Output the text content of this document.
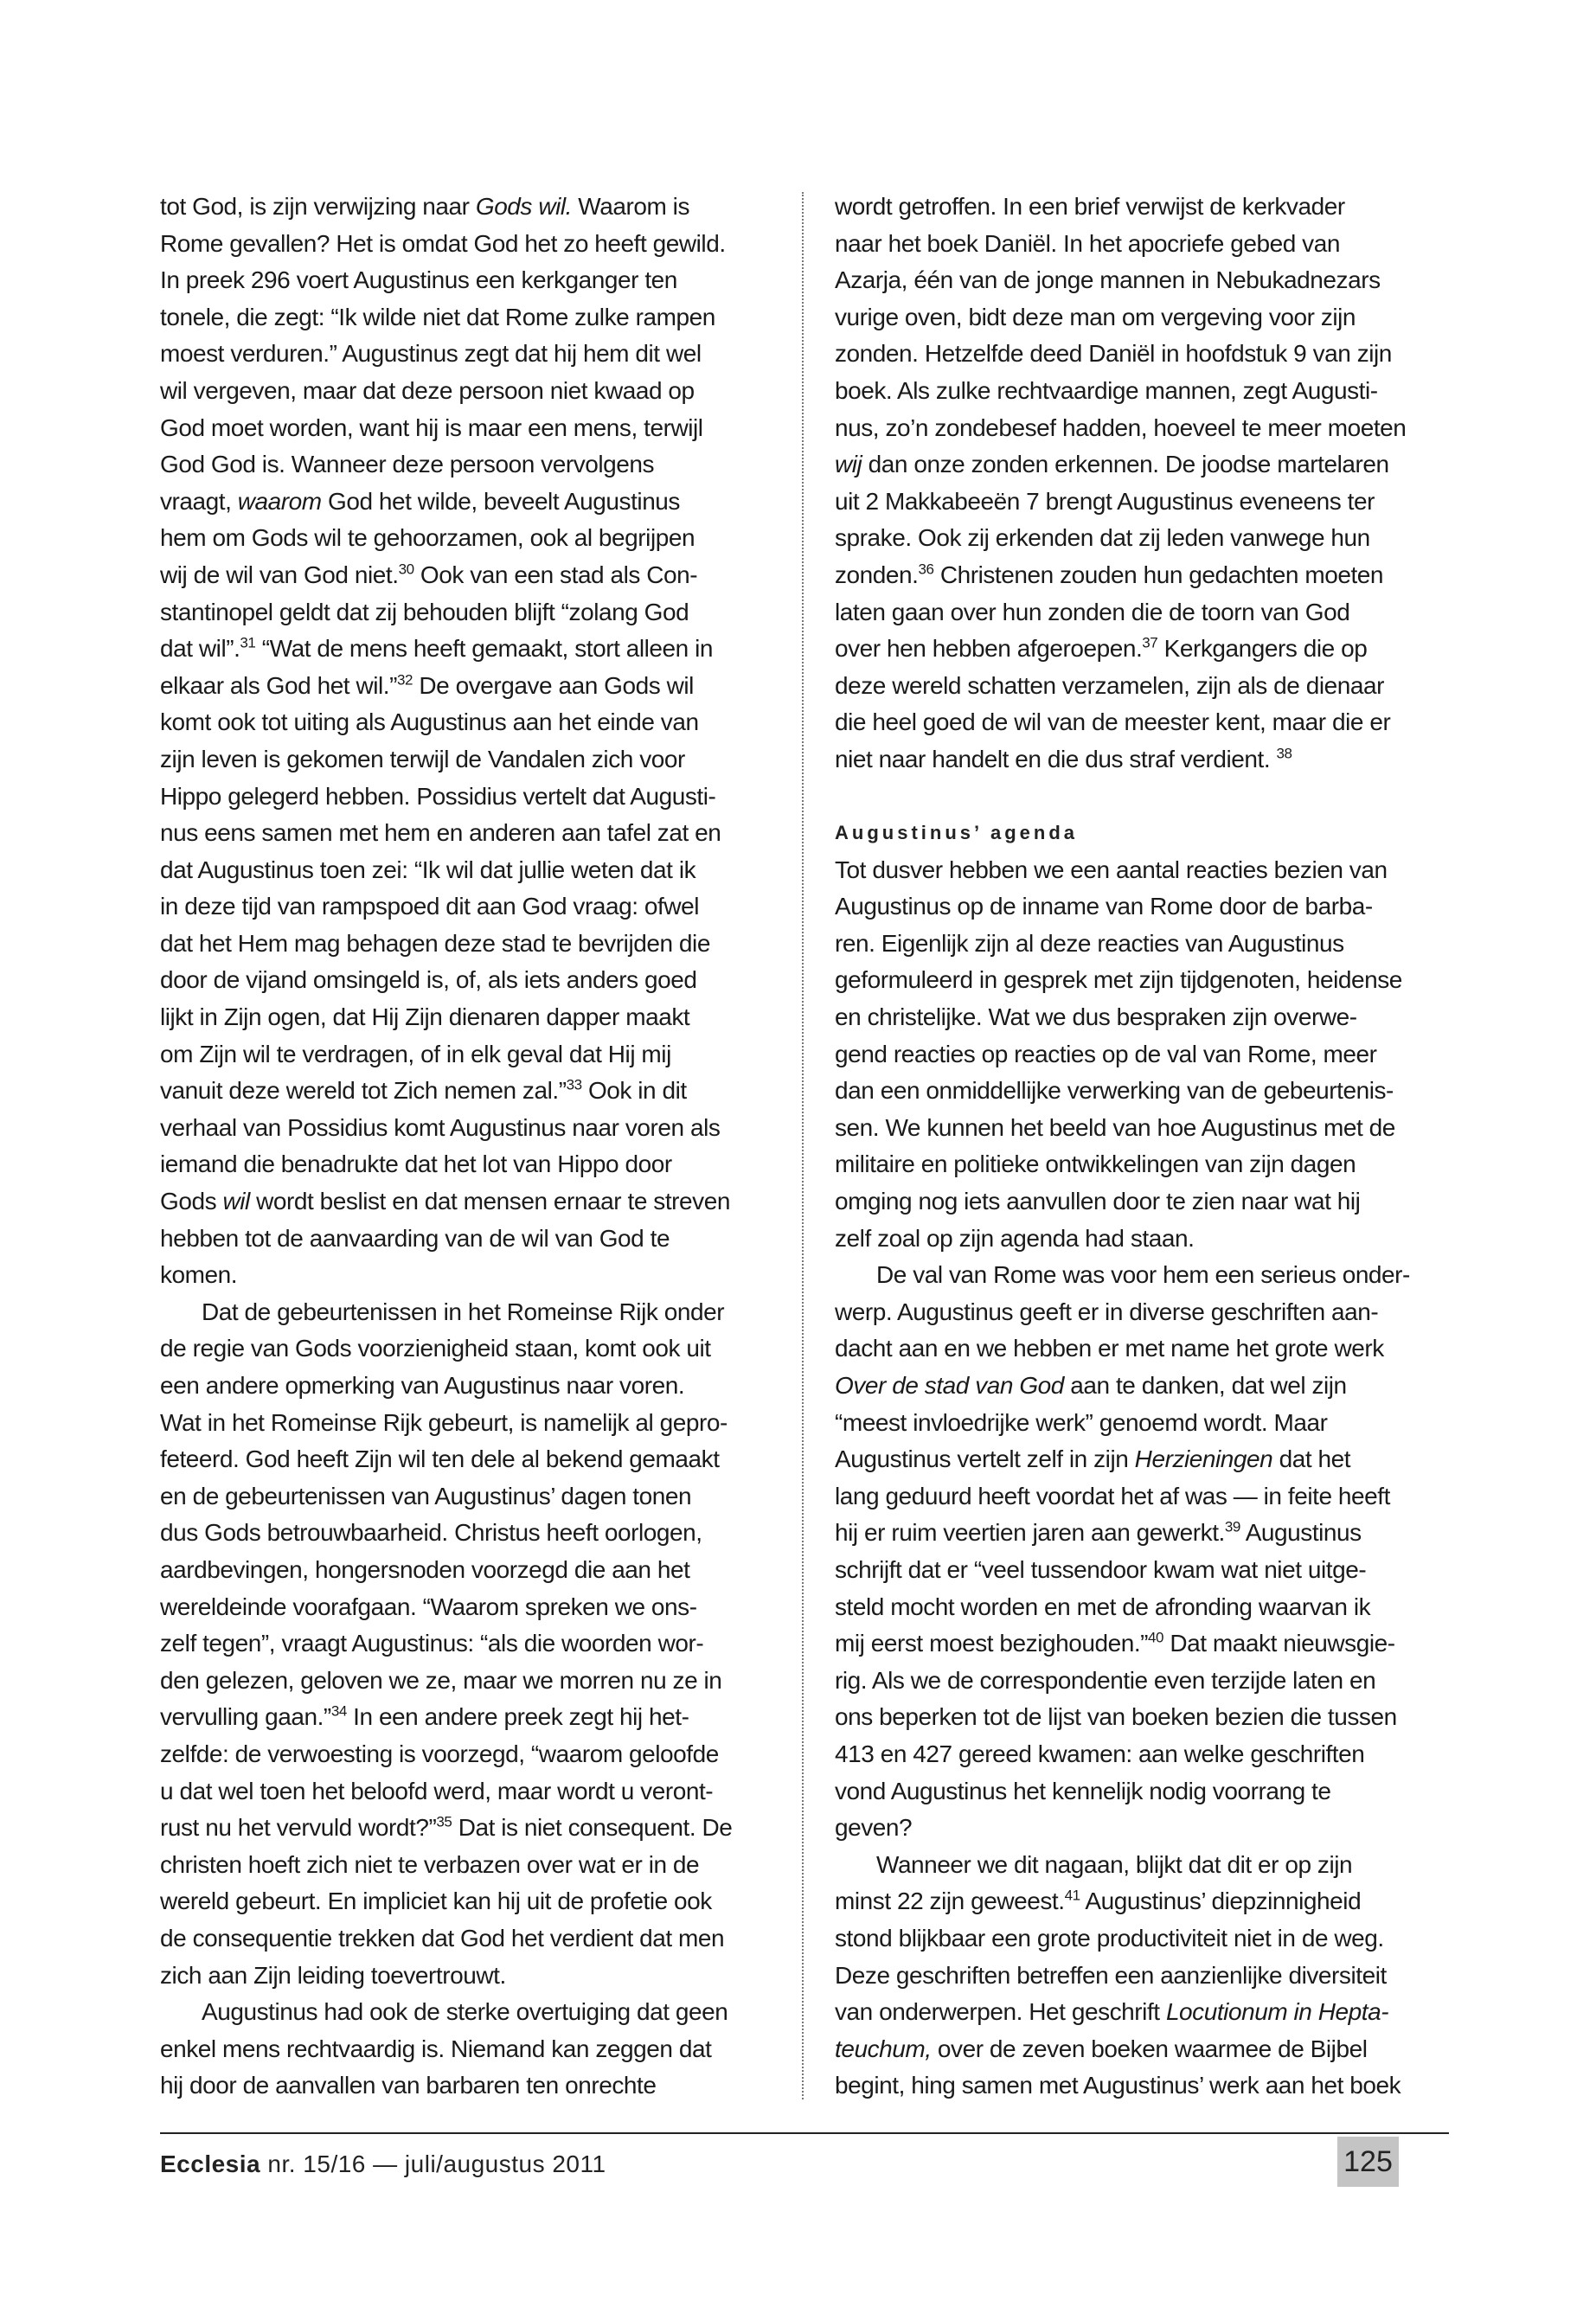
tot God, is zijn verwijzing naar Gods wil. Waarom is
Rome gevallen? Het is omdat God het zo heeft gewild.
In preek 296 voert Augustinus een kerkganger ten
tonele, die zegt: “Ik wilde niet dat Rome zulke rampen
moest verduren.” Augustinus zegt dat hij hem dit wel
wil vergeven, maar dat deze persoon niet kwaad op
God moet worden, want hij is maar een mens, terwijl
God God is. Wanneer deze persoon vervolgens
vraagt, waarom God het wilde, beveelt Augustinus
hem om Gods wil te gehoorzamen, ook al begrijpen
wij de wil van God niet.$^{30}$ Ook van een stad als Con-
stantinopel geldt dat zij behouden blijft “zolang God
dat wil”.$^{31}$ “Wat de mens heeft gemaakt, stort alleen in
elkaar als God het wil.”$^{32}$ De overgave aan Gods wil
komt ook tot uiting als Augustinus aan het einde van
zijn leven is gekomen terwijl de Vandalen zich voor
Hippo gelegerd hebben. Possidius vertelt dat Augusti-
nus eens samen met hem en anderen aan tafel zat en
dat Augustinus toen zei: “Ik wil dat jullie weten dat ik
in deze tijd van rampspoed dit aan God vraag: ofwel
dat het Hem mag behagen deze stad te bevrijden die
door de vijand omsingeld is, of, als iets anders goed
lijkt in Zijn ogen, dat Hij Zijn dienaren dapper maakt
om Zijn wil te verdragen, of in elk geval dat Hij mij
vanuit deze wereld tot Zich nemen zal.”$^{33}$ Ook in dit
verhaal van Possidius komt Augustinus naar voren als
iemand die benadrukte dat het lot van Hippo door
Gods wil wordt beslist en dat mensen ernaar te streven
hebben tot de aanvaarding van de wil van God te
komen.
Dat de gebeurtenissen in het Romeinse Rijk onder
de regie van Gods voorzienigheid staan, komt ook uit
een andere opmerking van Augustinus naar voren.
Wat in het Romeinse Rijk gebeurt, is namelijk al gepro-
feteerd. God heeft Zijn wil ten dele al bekend gemaakt
en de gebeurtenissen van Augustinus’ dagen tonen
dus Gods betrouwbaarheid. Christus heeft oorlogen,
aardbevingen, hongersnoden voorzegd die aan het
wereldeinde voorafgaan. “Waarom spreken we ons-
zelf tegen”, vraagt Augustinus: “als die woorden wor-
den gelezen, geloven we ze, maar we morren nu ze in
vervulling gaan.”$^{34}$ In een andere preek zegt hij het-
zelfde: de verwoesting is voorzegd, “waarom geloofde
u dat wel toen het beloofd werd, maar wordt u veront-
rust nu het vervuld wordt?”$^{35}$ Dat is niet consequent. De
christen hoeft zich niet te verbazen over wat er in de
wereld gebeurt. En impliciet kan hij uit de profetie ook
de consequentie trekken dat God het verdient dat men
zich aan Zijn leiding toevertrouwt.
Augustinus had ook de sterke overtuiging dat geen
enkel mens rechtvaardig is. Niemand kan zeggen dat
hij door de aanvallen van barbaren ten onrechte
wordt getroffen. In een brief verwijst de kerkvader
naar het boek Daniël. In het apocriefe gebed van
Azarja, één van de jonge mannen in Nebukadnezars
vurige oven, bidt deze man om vergeving voor zijn
zonden. Hetzelfde deed Daniël in hoofdstuk 9 van zijn
boek. Als zulke rechtvaardige mannen, zegt Augusti-
nus, zo’n zondebesef hadden, hoeveel te meer moeten
wij dan onze zonden erkennen. De joodse martelaren
uit 2 Makkabeeën 7 brengt Augustinus eveneens ter
sprake. Ook zij erkenden dat zij leden vanwege hun
zonden.$^{36}$ Christenen zouden hun gedachten moeten
laten gaan over hun zonden die de toorn van God
over hen hebben afgeroepen.$^{37}$ Kerkgangers die op
deze wereld schatten verzamelen, zijn als de dienaar
die heel goed de wil van de meester kent, maar die er
niet naar handelt en die dus straf verdient. $^{38}$
Augustinus’ agenda
Tot dusver hebben we een aantal reacties bezien van
Augustinus op de inname van Rome door de barba-
ren. Eigenlijk zijn al deze reacties van Augustinus
geformuleerd in gesprek met zijn tijdgenoten, heidense
en christelijke. Wat we dus bespraken zijn overwe-
gend reacties op reacties op de val van Rome, meer
dan een onmiddellijke verwerking van de gebeurtenis-
sen. We kunnen het beeld van hoe Augustinus met de
militaire en politieke ontwikkelingen van zijn dagen
omging nog iets aanvullen door te zien naar wat hij
zelf zoal op zijn agenda had staan.
De val van Rome was voor hem een serieus onder-
werp. Augustinus geeft er in diverse geschriften aan-
dacht aan en we hebben er met name het grote werk
Over de stad van God aan te danken, dat wel zijn
“meest invloedrijke werk” genoemd wordt. Maar
Augustinus vertelt zelf in zijn Herzieningen dat het
lang geduurd heeft voordat het af was — in feite heeft
hij er ruim veertien jaren aan gewerkt.$^{39}$ Augustinus
schrijft dat er “veel tussendoor kwam wat niet uitge-
steld mocht worden en met de afronding waarvan ik
mij eerst moest bezighouden.”$^{40}$ Dat maakt nieuwsgie-
rig. Als we de correspondentie even terzijde laten en
ons beperken tot de lijst van boeken bezien die tussen
413 en 427 gereed kwamen: aan welke geschriften
vond Augustinus het kennelijk nodig voorrang te
geven?
Wanneer we dit nagaan, blijkt dat dit er op zijn
minst 22 zijn geweest.$^{41}$ Augustinus’ diepzinnigheid
stond blijkbaar een grote productiviteit niet in de weg.
Deze geschriften betreffen een aanzienlijke diversiteit
van onderwerpen. Het geschrift Locutionum in Hepta-
teuchum, over de zeven boeken waarmee de Bijbel
begint, hing samen met Augustinus’ werk aan het boek
Ecclesia nr. 15/16 — juli/augustus 2011	125
